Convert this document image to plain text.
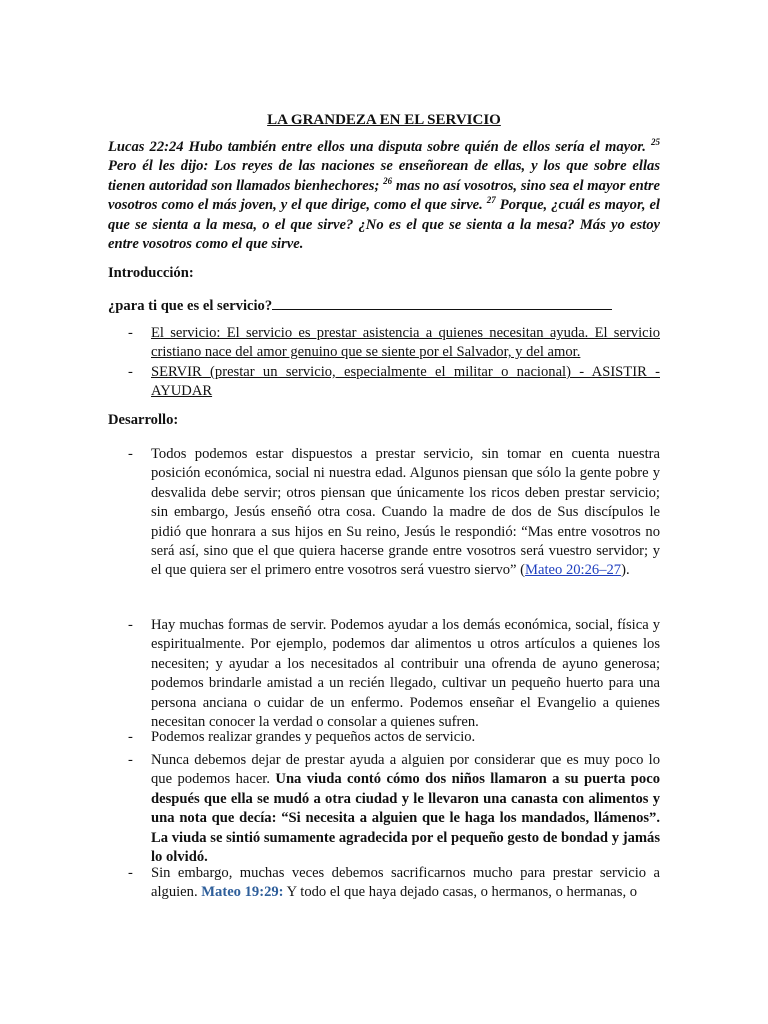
LA GRANDEZA EN EL SERVICIO

Lucas 22:24 Hubo también entre ellos una disputa sobre quién de ellos sería el mayor. $^{25}$ Pero él les dijo: Los reyes de las naciones se enseñorean de ellas, y los que sobre ellas tienen autoridad son llamados bienhechores; $^{26}$ mas no así vosotros, sino sea el mayor entre vosotros como el más joven, y el que dirige, como el que sirve. $^{27}$ Porque, ¿cuál es mayor, el que se sienta a la mesa, o el que sirve? ¿No es el que se sienta a la mesa? Más yo estoy entre vosotros como el que sirve.

Introducción:

¿para ti que es el servicio?

- El servicio: El servicio es prestar asistencia a quienes necesitan ayuda. El servicio cristiano nace del amor genuino que se siente por el Salvador, y del amor.
- SERVIR (prestar un servicio, especialmente el militar o nacional) - ASISTIR - AYUDAR

Desarrollo:

- Todos podemos estar dispuestos a prestar servicio, sin tomar en cuenta nuestra posición económica, social ni nuestra edad. Algunos piensan que sólo la gente pobre y desvalida debe servir; otros piensan que únicamente los ricos deben prestar servicio; sin embargo, Jesús enseñó otra cosa. Cuando la madre de dos de Sus discípulos le pidió que honrara a sus hijos en Su reino, Jesús le respondió: “Mas entre vosotros no será así, sino que el que quiera hacerse grande entre vosotros será vuestro servidor; y el que quiera ser el primero entre vosotros será vuestro siervo” (Mateo 20:26–27).
- Hay muchas formas de servir. Podemos ayudar a los demás económica, social, física y espiritualmente. Por ejemplo, podemos dar alimentos u otros artículos a quienes los necesiten; y ayudar a los necesitados al contribuir una ofrenda de ayuno generosa; podemos brindarle amistad a un recién llegado, cultivar un pequeño huerto para una persona anciana o cuidar de un enfermo. Podemos enseñar el Evangelio a quienes necesitan conocer la verdad o consolar a quienes sufren.
- Podemos realizar grandes y pequeños actos de servicio.
- Nunca debemos dejar de prestar ayuda a alguien por considerar que es muy poco lo que podemos hacer. Una viuda contó cómo dos niños llamaron a su puerta poco después que ella se mudó a otra ciudad y le llevaron una canasta con alimentos y una nota que decía: “Si necesita a alguien que le haga los mandados, llámenos”. La viuda se sintió sumamente agradecida por el pequeño gesto de bondad y jamás lo olvidó.
- Sin embargo, muchas veces debemos sacrificarnos mucho para prestar servicio a alguien. Mateo 19:29: Y todo el que haya dejado casas, o hermanos, o hermanas, o
